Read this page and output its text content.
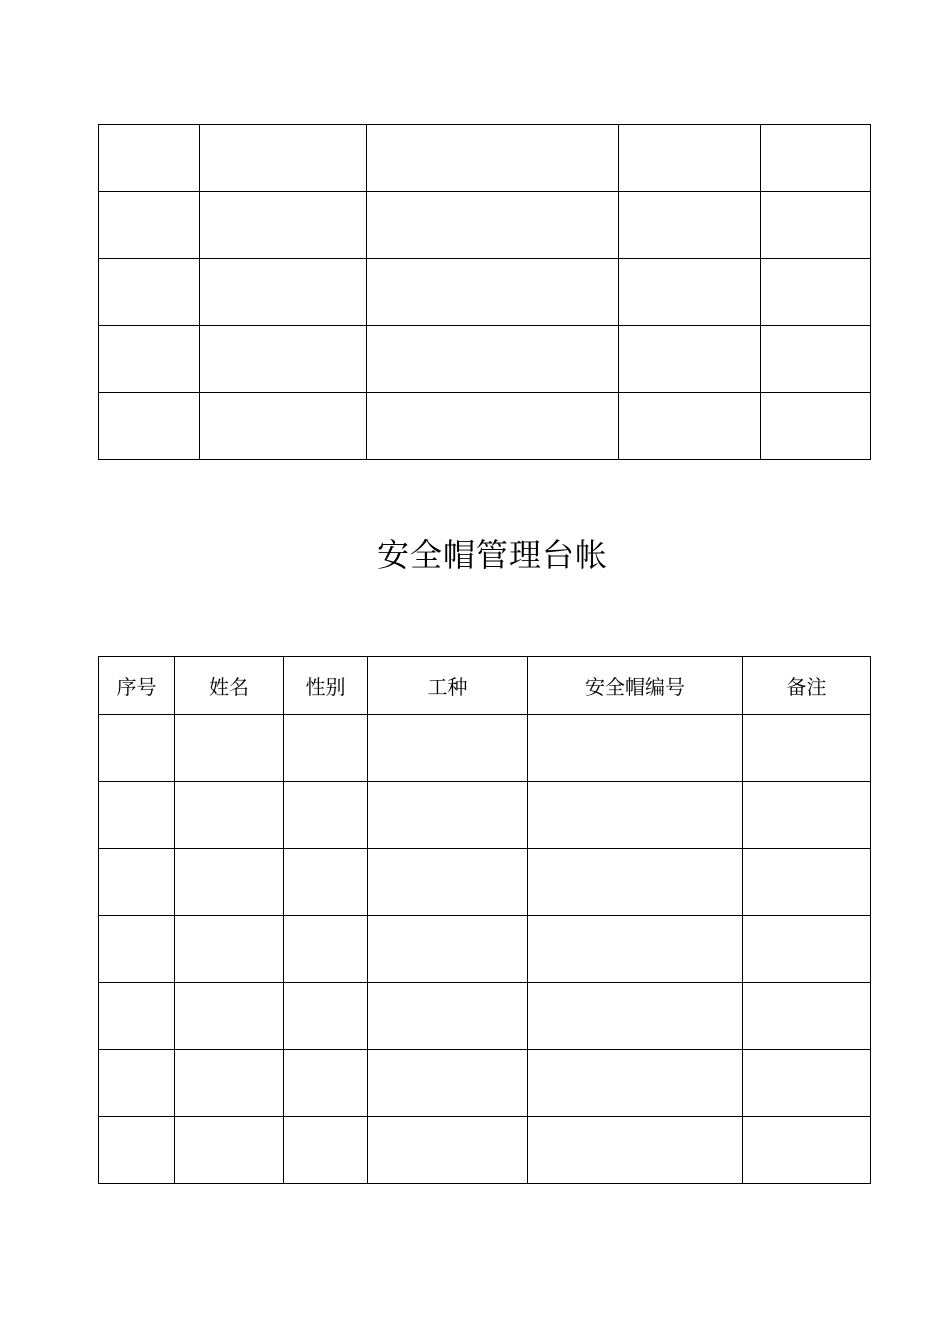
安全帽管理台帐
序号	姓名	性别	工种	安全帽编号	备注
